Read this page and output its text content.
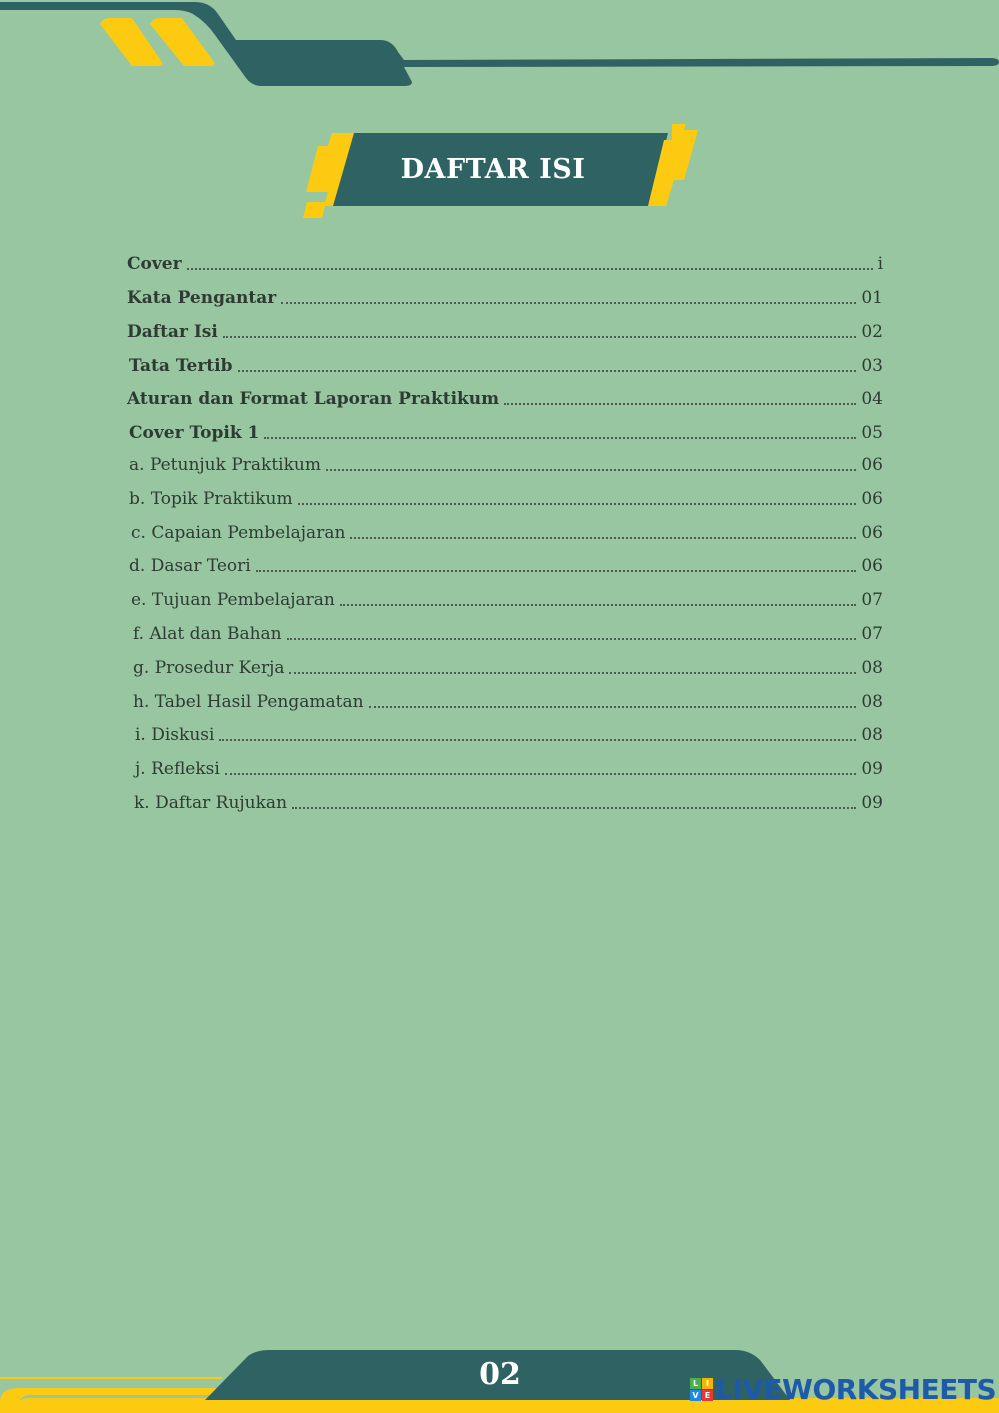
DAFTAR ISI
Cover	i
Kata Pengantar	01
Daftar Isi	02
Tata Tertib	03
Aturan dan Format Laporan Praktikum	04
Cover Topik 1	05
a. Petunjuk Praktikum	06
b. Topik Praktikum	06
c. Capaian Pembelajaran	06
d. Dasar Teori	06
e. Tujuan Pembelajaran	07
f. Alat dan Bahan	07
g. Prosedur Kerja	08
h. Tabel Hasil Pengamatan	08
i. Diskusi	08
j. Refleksi	09
k. Daftar Rujukan	09
02	L I
V E LIVEWORKSHEETS
